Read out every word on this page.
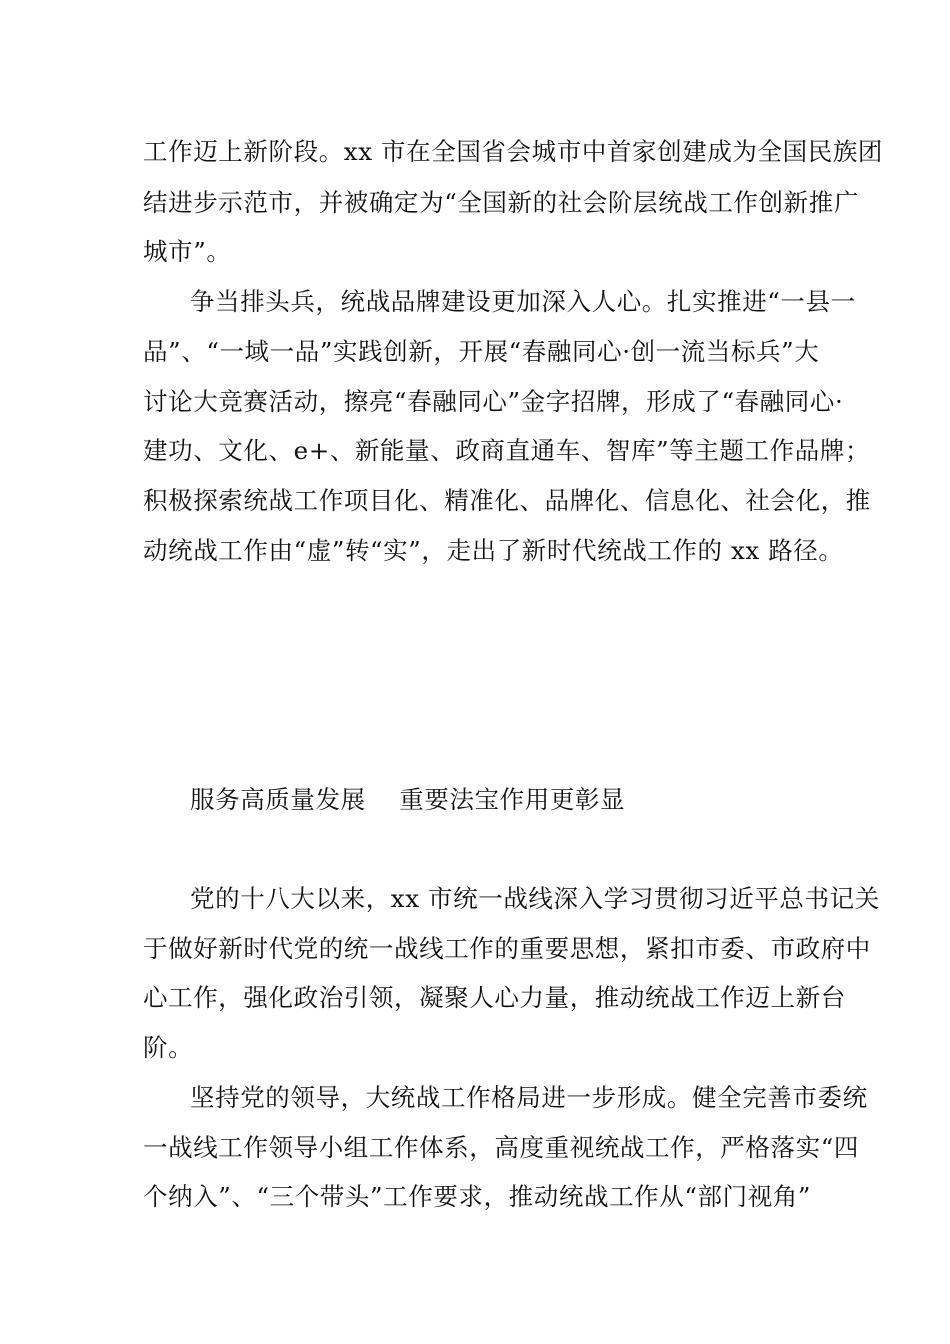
工作迈上新阶段。xx 市在全国省会城市中首家创建成为全国民族团
结进步示范市，并被确定为“全国新的社会阶层统战工作创新推广
城市”。
争当排头兵，统战品牌建设更加深入人心。扎实推进“一县一
品”、“一域一品”实践创新，开展“春融同心·创一流当标兵”大
讨论大竞赛活动，擦亮“春融同心”金字招牌，形成了“春融同心·
建功、文化、e+、新能量、政商直通车、智库”等主题工作品牌；
积极探索统战工作项目化、精准化、品牌化、信息化、社会化，推
动统战工作由“虚”转“实”，走出了新时代统战工作的 xx 路径。
服务高质量发展    重要法宝作用更彰显
党的十八大以来，xx 市统一战线深入学习贯彻习近平总书记关
于做好新时代党的统一战线工作的重要思想，紧扣市委、市政府中
心工作，强化政治引领，凝聚人心力量，推动统战工作迈上新台
阶。
坚持党的领导，大统战工作格局进一步形成。健全完善市委统
一战线工作领导小组工作体系，高度重视统战工作，严格落实“四
个纳入”、“三个带头”工作要求，推动统战工作从“部门视角”
